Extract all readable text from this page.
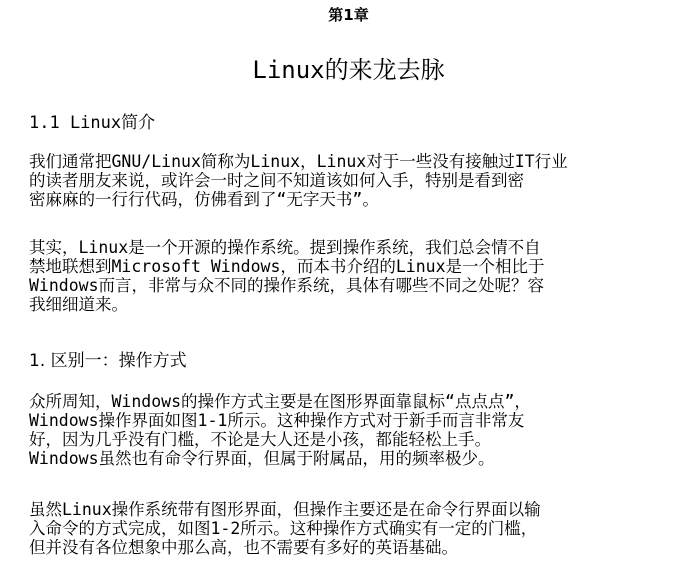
第1章
Linux的来龙去脉
1.1 Linux简介
我们通常把GNU/Linux简称为Linux，Linux对于一些没有接触过IT行业
的读者朋友来说，或许会一时之间不知道该如何入手，特别是看到密
密麻麻的一行行代码，仿佛看到了“无字天书”。
其实，Linux是一个开源的操作系统。提到操作系统，我们总会情不自
禁地联想到Microsoft Windows，而本书介绍的Linux是一个相比于
Windows而言，非常与众不同的操作系统，具体有哪些不同之处呢？容
我细细道来。
1. 区别一：操作方式
众所周知，Windows的操作方式主要是在图形界面靠鼠标“点点点”，
Windows操作界面如图1-1所示。这种操作方式对于新手而言非常友
好，因为几乎没有门槛，不论是大人还是小孩，都能轻松上手。
Windows虽然也有命令行界面，但属于附属品，用的频率极少。
虽然Linux操作系统带有图形界面，但操作主要还是在命令行界面以输
入命令的方式完成，如图1-2所示。这种操作方式确实有一定的门槛，
但并没有各位想象中那么高，也不需要有多好的英语基础。
